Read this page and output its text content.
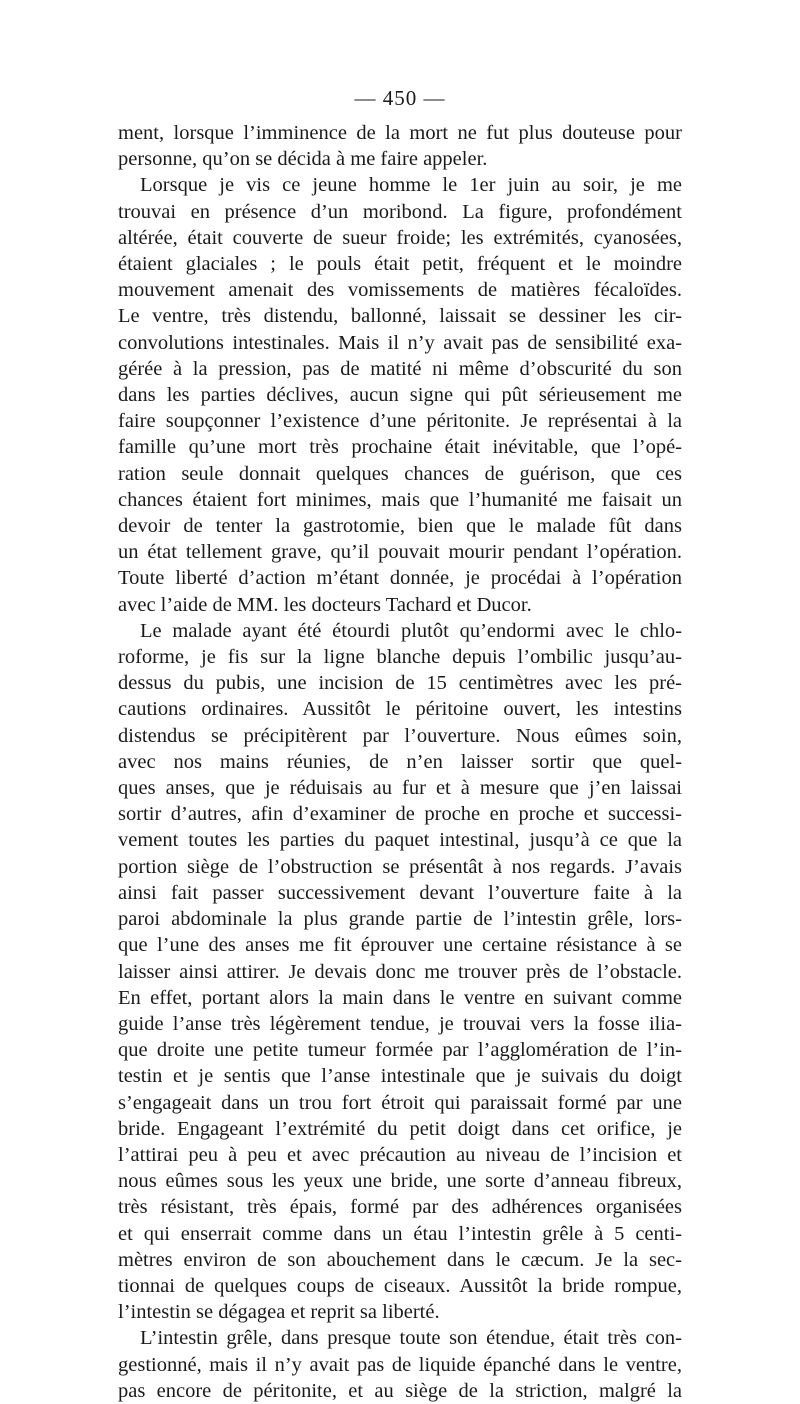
— 450 —
ment, lorsque l’imminence de la mort ne fut plus douteuse pour
personne, qu’on se décida à me faire appeler.
Lorsque je vis ce jeune homme le 1er juin au soir, je me
trouvai en présence d’un moribond. La figure, profondément
altérée, était couverte de sueur froide; les extrémités, cyanosées,
étaient glaciales ; le pouls était petit, fréquent et le moindre
mouvement amenait des vomissements de matières fécaloïdes.
Le ventre, très distendu, ballonné, laissait se dessiner les cir-
convolutions intestinales. Mais il n’y avait pas de sensibilité exa-
gérée à la pression, pas de matité ni même d’obscurité du son
dans les parties déclives, aucun signe qui pût sérieusement me
faire soupçonner l’existence d’une péritonite. Je représentai à la
famille qu’une mort très prochaine était inévitable, que l’opé-
ration seule donnait quelques chances de guérison, que ces
chances étaient fort minimes, mais que l’humanité me faisait un
devoir de tenter la gastrotomie, bien que le malade fût dans
un état tellement grave, qu’il pouvait mourir pendant l’opération.
Toute liberté d’action m’étant donnée, je procédai à l’opération
avec l’aide de MM. les docteurs Tachard et Ducor.
Le malade ayant été étourdi plutôt qu’endormi avec le chlo-
roforme, je fis sur la ligne blanche depuis l’ombilic jusqu’au-
dessus du pubis, une incision de 15 centimètres avec les pré-
cautions ordinaires. Aussitôt le péritoine ouvert, les intestins
distendus se précipitèrent par l’ouverture. Nous eûmes soin,
avec nos mains réunies, de n’en laisser sortir que quel-
ques anses, que je réduisais au fur et à mesure que j’en laissai
sortir d’autres, afin d’examiner de proche en proche et successi-
vement toutes les parties du paquet intestinal, jusqu’à ce que la
portion siège de l’obstruction se présentât à nos regards. J’avais
ainsi fait passer successivement devant l’ouverture faite à la
paroi abdominale la plus grande partie de l’intestin grêle, lors-
que l’une des anses me fit éprouver une certaine résistance à se
laisser ainsi attirer. Je devais donc me trouver près de l’obstacle.
En effet, portant alors la main dans le ventre en suivant comme
guide l’anse très légèrement tendue, je trouvai vers la fosse ilia-
que droite une petite tumeur formée par l’agglomération de l’in-
testin et je sentis que l’anse intestinale que je suivais du doigt
s’engageait dans un trou fort étroit qui paraissait formé par une
bride. Engageant l’extrémité du petit doigt dans cet orifice, je
l’attirai peu à peu et avec précaution au niveau de l’incision et
nous eûmes sous les yeux une bride, une sorte d’anneau fibreux,
très résistant, très épais, formé par des adhérences organisées
et qui enserrait comme dans un étau l’intestin grêle à 5 centi-
mètres environ de son abouchement dans le cæcum. Je la sec-
tionnai de quelques coups de ciseaux. Aussitôt la bride rompue,
l’intestin se dégagea et reprit sa liberté.
L’intestin grêle, dans presque toute son étendue, était très con-
gestionné, mais il n’y avait pas de liquide épanché dans le ventre,
pas encore de péritonite, et au siège de la striction, malgré la
